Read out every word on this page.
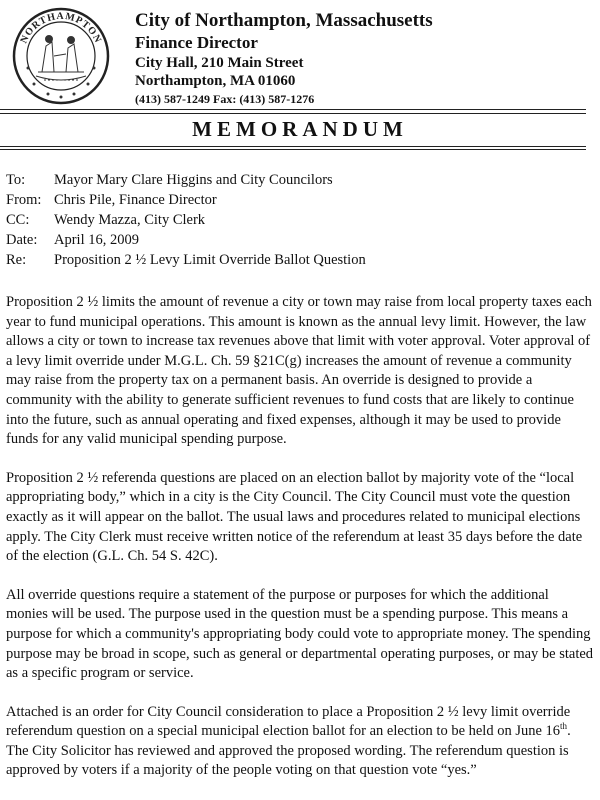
NORTHAMPTON
City of Northampton, Massachusetts
Finance Director
City Hall, 210 Main Street
Northampton, MA 01060
(413) 587-1249 Fax: (413) 587-1276
MEMORANDUM
To:	Mayor Mary Clare Higgins and City Councilors
From: Chris Pile, Finance Director
CC:	Wendy Mazza, City Clerk
Date:	April 16, 2009
Re:	Proposition 2 ½ Levy Limit Override Ballot Question

Proposition 2 ½ limits the amount of revenue a city or town may raise from local property taxes each year to fund municipal operations. This amount is known as the annual levy limit. However, the law allows a city or town to increase tax revenues above that limit with voter approval. Voter approval of a levy limit override under M.G.L. Ch. 59 §21C(g) increases the amount of revenue a community may raise from the property tax on a permanent basis. An override is designed to provide a community with the ability to generate sufficient revenues to fund costs that are likely to continue into the future, such as annual operating and fixed expenses, although it may be used to provide funds for any valid municipal spending purpose.

Proposition 2 ½ referenda questions are placed on an election ballot by majority vote of the “local appropriating body,” which in a city is the City Council. The City Council must vote the question exactly as it will appear on the ballot. The usual laws and procedures related to municipal elections apply. The City Clerk must receive written notice of the referendum at least 35 days before the date of the election (G.L. Ch. 54 S. 42C).

All override questions require a statement of the purpose or purposes for which the additional monies will be used. The purpose used in the question must be a spending purpose. This means a purpose for which a community's appropriating body could vote to appropriate money. The spending purpose may be broad in scope, such as general or departmental operating purposes, or may be stated as a specific program or service.

Attached is an order for City Council consideration to place a Proposition 2 ½ levy limit override referendum question on a special municipal election ballot for an election to be held on June 16th. The City Solicitor has reviewed and approved the proposed wording. The referendum question is approved by voters if a majority of the people voting on that question vote “yes.”
